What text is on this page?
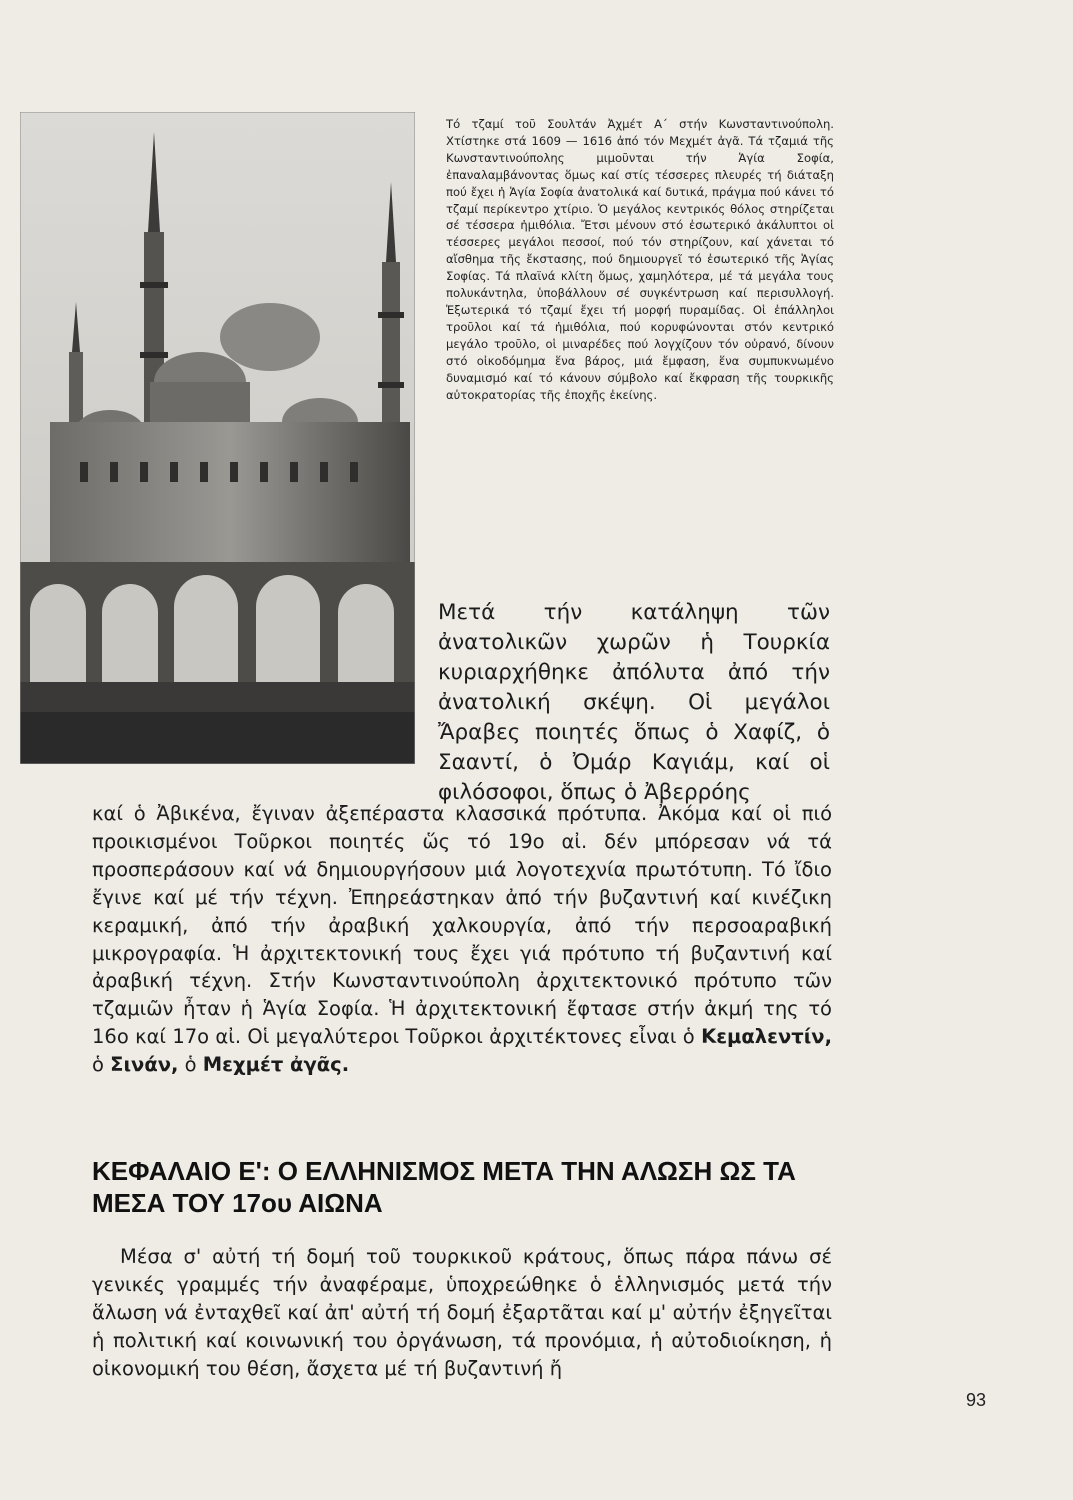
Τό τζαμί τοῦ Σουλτάν Ἀχμέτ Α΄ στήν Κωνσταντινούπολη. Χτίστηκε στά 1609 — 1616 ἀπό τόν Μεχμέτ ἀγᾶ. Τά τζαμιά τῆς Κωνσταντινούπολης μιμοῦνται τήν Ἁγία Σοφία, ἐπαναλαμβάνοντας ὅμως καί στίς τέσσερες πλευρές τή διάταξη πού ἔχει ἡ Ἁγία Σοφία ἀνατολικά καί δυτικά, πράγμα πού κάνει τό τζαμί περίκεντρο χτίριο. Ὁ μεγάλος κεντρικός θόλος στηρίζεται σέ τέσσερα ἡμιθόλια. Ἔτσι μένουν στό ἐσωτερικό ἀκάλυπτοι οἱ τέσσερες μεγάλοι πεσσοί, πού τόν στηρίζουν, καί χάνεται τό αἴσθημα τῆς ἔκστασης, πού δημιουργεῖ τό ἐσωτερικό τῆς Ἁγίας Σοφίας. Τά πλαϊνά κλίτη ὅμως, χαμηλότερα, μέ τά μεγάλα τους πολυκάντηλα, ὑποβάλλουν σέ συγκέντρωση καί περισυλλογή. Ἐξωτερικά τό τζαμί ἔχει τή μορφή πυραμίδας. Οἱ ἐπάλληλοι τροῦλοι καί τά ἡμιθόλια, πού κορυφώνονται στόν κεντρικό μεγάλο τροῦλο, οἱ μιναρέδες πού λογχίζουν τόν οὐρανό, δίνουν στό οἰκοδόμημα ἕνα βάρος, μιά ἔμφαση, ἕνα συμπυκνωμένο δυναμισμό καί τό κάνουν σύμβολο καί ἔκφραση τῆς τουρκικῆς αὐτοκρατορίας τῆς ἐποχῆς ἐκείνης.

Μετά τήν κατάληψη τῶν ἀνατολικῶν χωρῶν ἡ Τουρκία κυριαρχήθηκε ἀπόλυτα ἀπό τήν ἀνατολική σκέψη. Οἱ μεγάλοι Ἄραβες ποιητές ὅπως ὁ Χαφίζ, ὁ Σααντί, ὁ Ὀμάρ Καγιάμ, καί οἱ φιλόσοφοι, ὅπως ὁ Ἀβερρόης

καί ὁ Ἀβικένα, ἔγιναν ἀξεπέραστα κλασσικά πρότυπα. Ἀκόμα καί οἱ πιό προικισμένοι Τοῦρκοι ποιητές ὥς τό 19ο αἰ. δέν μπόρεσαν νά τά προσπεράσουν καί νά δημιουργήσουν μιά λογοτεχνία πρωτότυπη. Τό ἴδιο ἔγινε καί μέ τήν τέχνη. Ἐπηρεάστηκαν ἀπό τήν βυζαντινή καί κινέζικη κεραμική, ἀπό τήν ἀραβική χαλκουργία, ἀπό τήν περσοαραβική μικρογραφία. Ἡ ἀρχιτεκτονική τους ἔχει γιά πρότυπο τή βυζαντινή καί ἀραβική τέχνη. Στήν Κωνσταντινούπολη ἀρχιτεκτονικό πρότυπο τῶν τζαμιῶν ἦταν ἡ Ἁγία Σοφία. Ἡ ἀρχιτεκτονική ἔφτασε στήν ἀκμή της τό 16ο καί 17ο αἰ. Οἱ μεγαλύτεροι Τοῦρκοι ἀρχιτέκτονες εἶναι ὁ Κεμαλεντίν, ὁ Σινάν, ὁ Μεχμέτ ἀγᾶς.

ΚΕΦΑΛΑΙΟ Ε': Ο ΕΛΛΗΝΙΣΜΟΣ ΜΕΤΑ ΤΗΝ ΑΛΩΣΗ ΩΣ ΤΑ ΜΕΣΑ ΤΟΥ 17ου ΑΙΩΝΑ

Μέσα σ' αὐτή τή δομή τοῦ τουρκικοῦ κράτους, ὅπως πάρα πάνω σέ γενικές γραμμές τήν ἀναφέραμε, ὑποχρεώθηκε ὁ ἑλληνισμός μετά τήν ἅλωση νά ἐνταχθεῖ καί ἀπ' αὐτή τή δομή ἐξαρτᾶται καί μ' αὐτήν ἐξηγεῖται ἡ πολιτική καί κοινωνική του ὀργάνωση, τά προνόμια, ἡ αὐτοδιοίκηση, ἡ οἰκονομική του θέση, ἄσχετα μέ τή βυζαντινή ἤ

93
